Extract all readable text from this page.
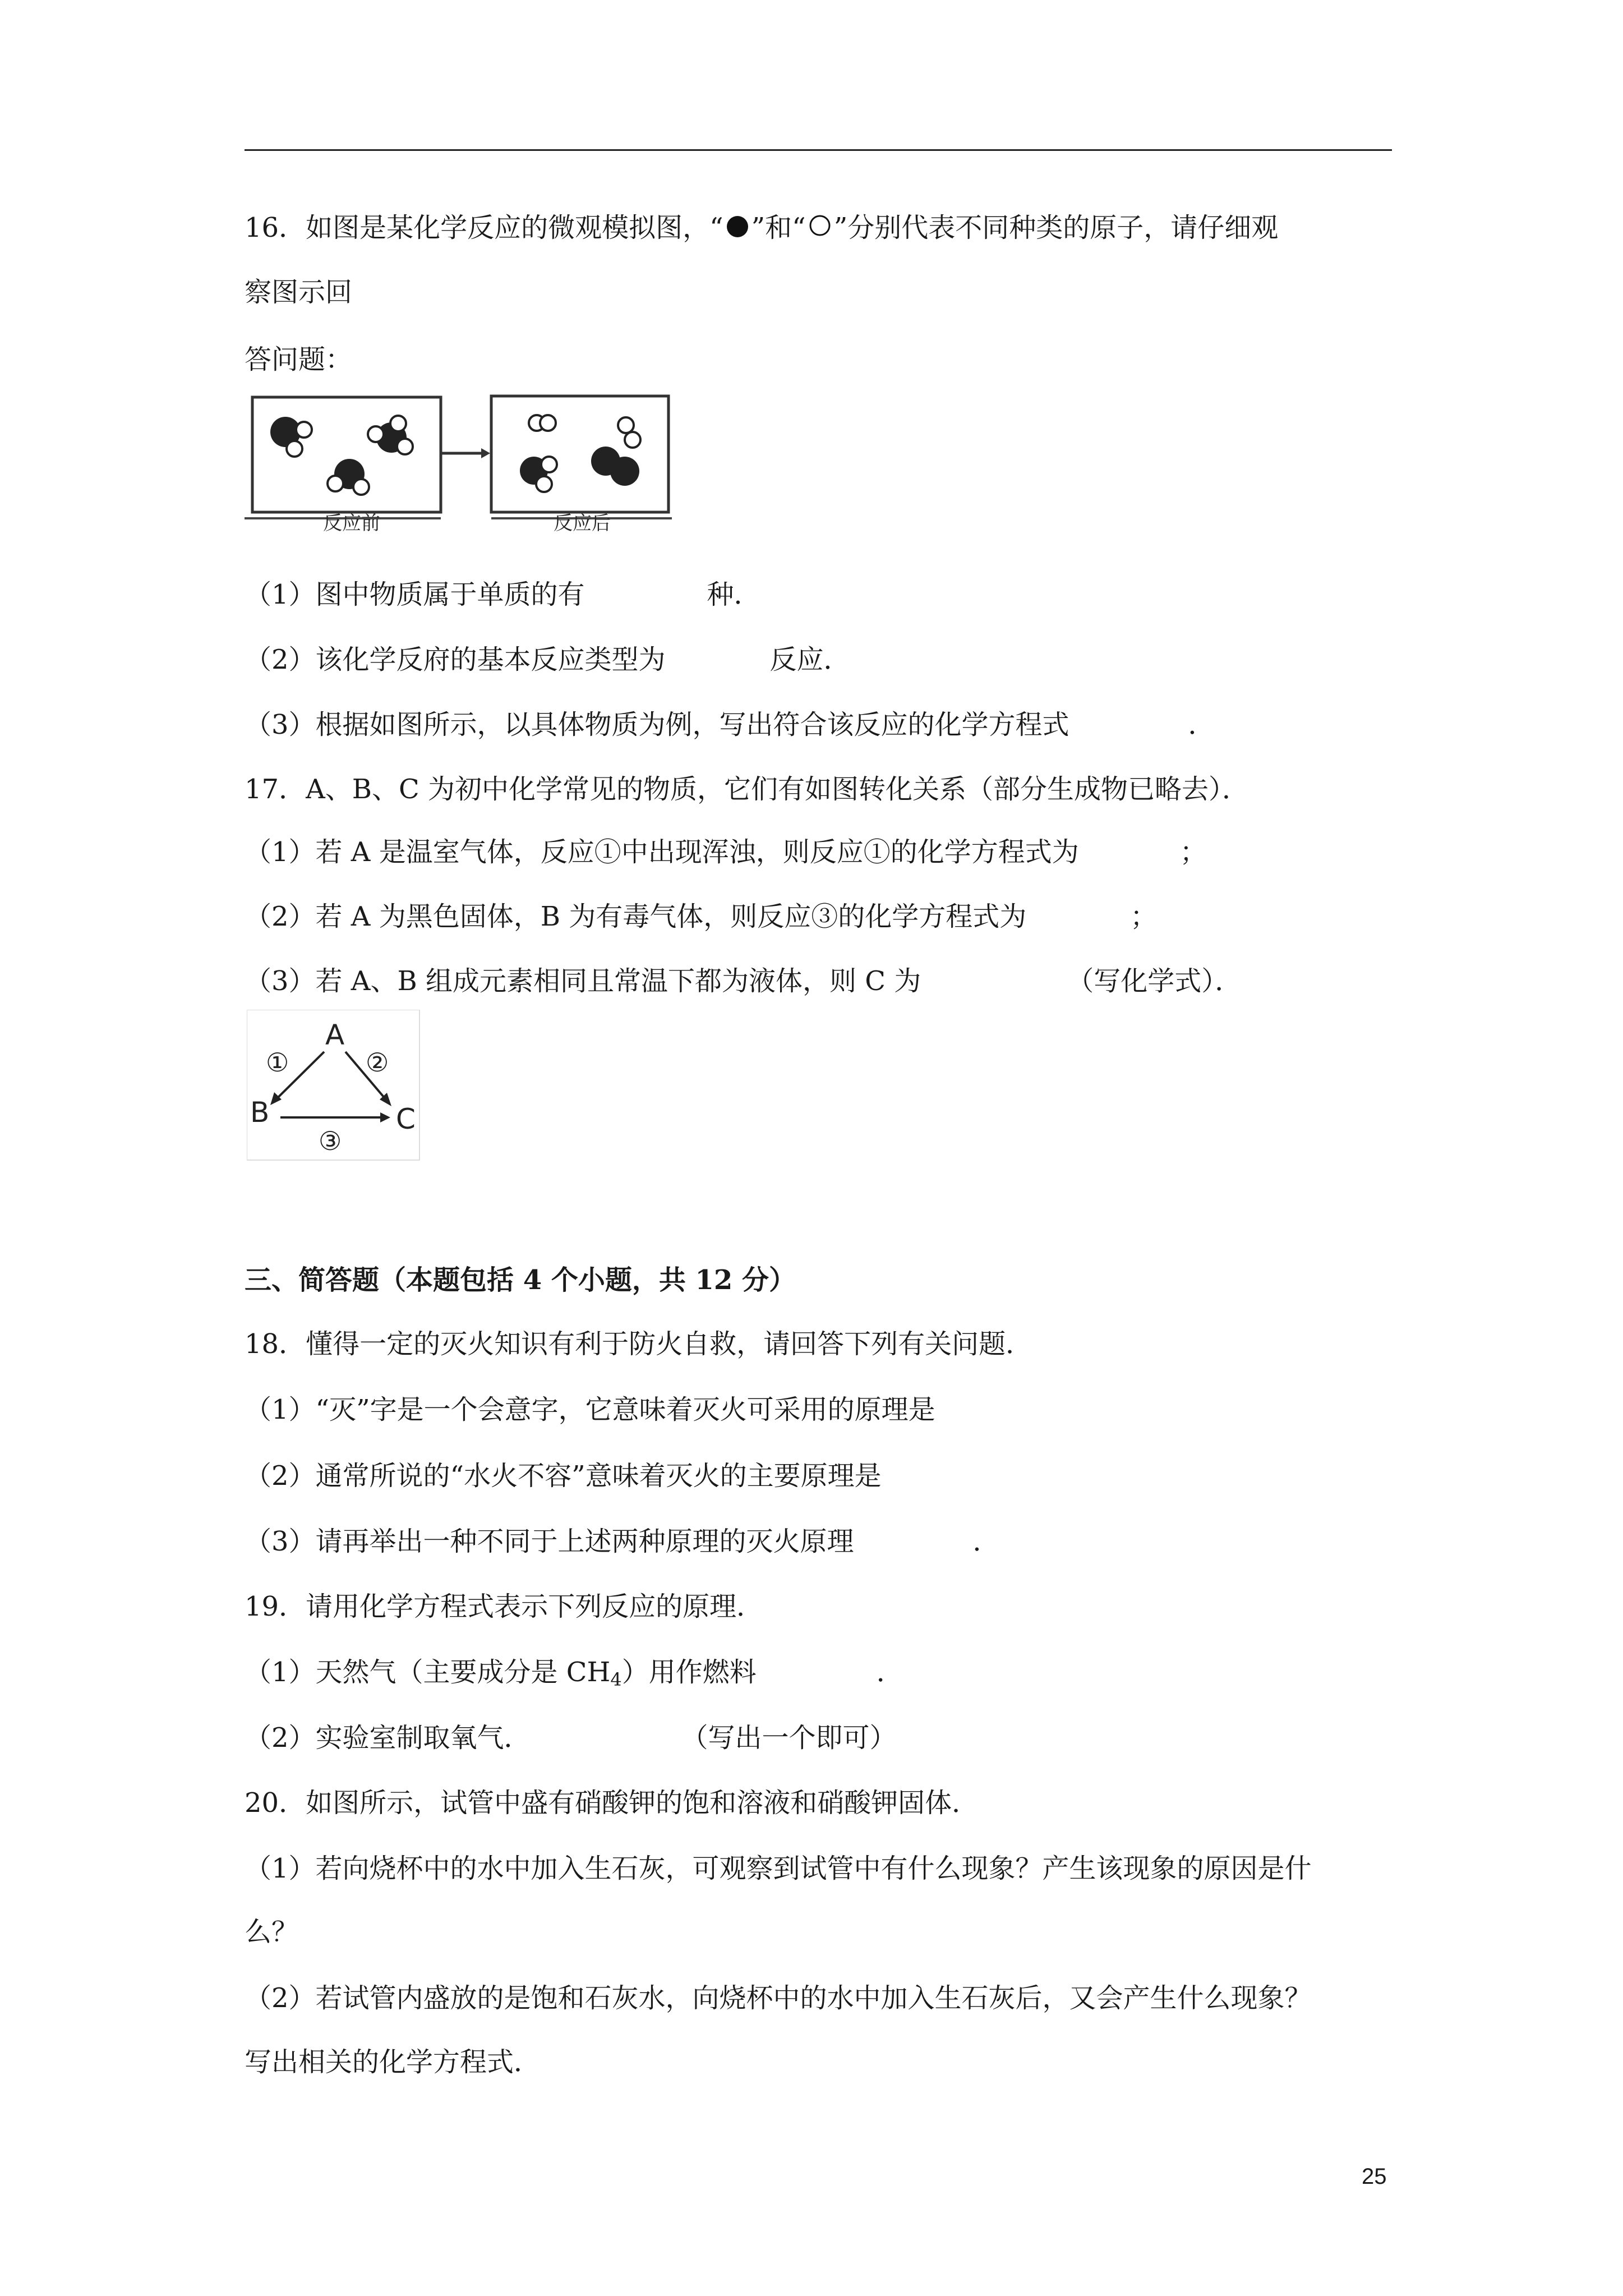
16．如图是某化学反应的微观模拟图，“ ”和“ ”分别代表不同种类的原子，请仔细观
察图示回
答问题：
反应前	反应后
（1）图中物质属于单质的有	种．
（2）该化学反府的基本反应类型为	反应．
（3）根据如图所示，以具体物质为例，写出符合该反应的化学方程式	．
17．A、B、C 为初中化学常见的物质，它们有如图转化关系（部分生成物已略去）．
（1）若 A 是温室气体，反应①中出现浑浊，则反应①的化学方程式为	；
（2）若 A 为黑色固体，B 为有毒气体，则反应③的化学方程式为	；
（3）若 A、B 组成元素相同且常温下都为液体，则 C 为	（写化学式）．
A
B	C
①	②
③
三、简答题（本题包括 4 个小题，共 12 分）
18．懂得一定的灭火知识有利于防火自救，请回答下列有关问题．
（1）“灭”字是一个会意字，它意味着灭火可采用的原理是
（2）通常所说的“水火不容”意味着灭火的主要原理是
（3）请再举出一种不同于上述两种原理的灭火原理	．
19．请用化学方程式表示下列反应的原理．
（1）天然气（主要成分是 $CH_4$）用作燃料	．
（2）实验室制取氧气．	（写出一个即可）
20．如图所示，试管中盛有硝酸钾的饱和溶液和硝酸钾固体．
（1）若向烧杯中的水中加入生石灰，可观察到试管中有什么现象？产生该现象的原因是什
么？
（2）若试管内盛放的是饱和石灰水，向烧杯中的水中加入生石灰后，又会产生什么现象？
写出相关的化学方程式．
25
